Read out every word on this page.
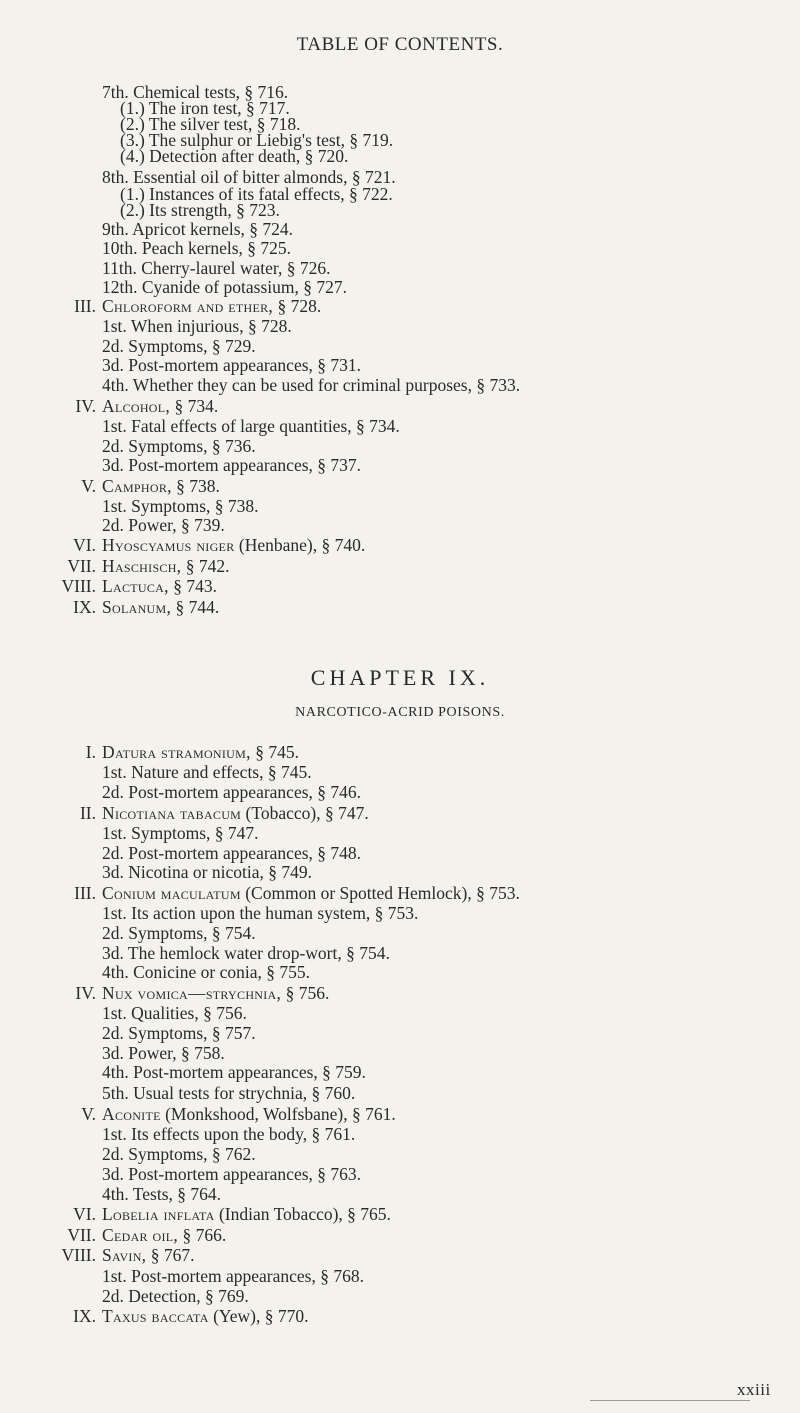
TABLE OF CONTENTS.
7th. Chemical tests, § 716.
(1.) The iron test, § 717.
(2.) The silver test, § 718.
(3.) The sulphur or Liebig's test, § 719.
(4.) Detection after death, § 720.
8th. Essential oil of bitter almonds, § 721.
(1.) Instances of its fatal effects, § 722.
(2.) Its strength, § 723.
9th. Apricot kernels, § 724.
10th. Peach kernels, § 725.
11th. Cherry-laurel water, § 726.
12th. Cyanide of potassium, § 727.
III. Chloroform and ether, § 728.
1st. When injurious, § 728.
2d. Symptoms, § 729.
3d. Post-mortem appearances, § 731.
4th. Whether they can be used for criminal purposes, § 733.
IV. Alcohol, § 734.
1st. Fatal effects of large quantities, § 734.
2d. Symptoms, § 736.
3d. Post-mortem appearances, § 737.
V. Camphor, § 738.
1st. Symptoms, § 738.
2d. Power, § 739.
VI. Hyoscyamus niger (Henbane), § 740.
VII. Haschisch, § 742.
VIII. Lactuca, § 743.
IX. Solanum, § 744.
CHAPTER IX.
NARCOTICO-ACRID POISONS.
I. Datura stramonium, § 745.
1st. Nature and effects, § 745.
2d. Post-mortem appearances, § 746.
II. Nicotiana tabacum (Tobacco), § 747.
1st. Symptoms, § 747.
2d. Post-mortem appearances, § 748.
3d. Nicotina or nicotia, § 749.
III. Conium maculatum (Common or Spotted Hemlock), § 753.
1st. Its action upon the human system, § 753.
2d. Symptoms, § 754.
3d. The hemlock water drop-wort, § 754.
4th. Conicine or conia, § 755.
IV. Nux vomica—strychnia, § 756.
1st. Qualities, § 756.
2d. Symptoms, § 757.
3d. Power, § 758.
4th. Post-mortem appearances, § 759.
5th. Usual tests for strychnia, § 760.
V. Aconite (Monkshood, Wolfsbane), § 761.
1st. Its effects upon the body, § 761.
2d. Symptoms, § 762.
3d. Post-mortem appearances, § 763.
4th. Tests, § 764.
VI. Lobelia inflata (Indian Tobacco), § 765.
VII. Cedar oil, § 766.
VIII. Savin, § 767.
1st. Post-mortem appearances, § 768.
2d. Detection, § 769.
IX. Taxus baccata (Yew), § 770.
xxiii
